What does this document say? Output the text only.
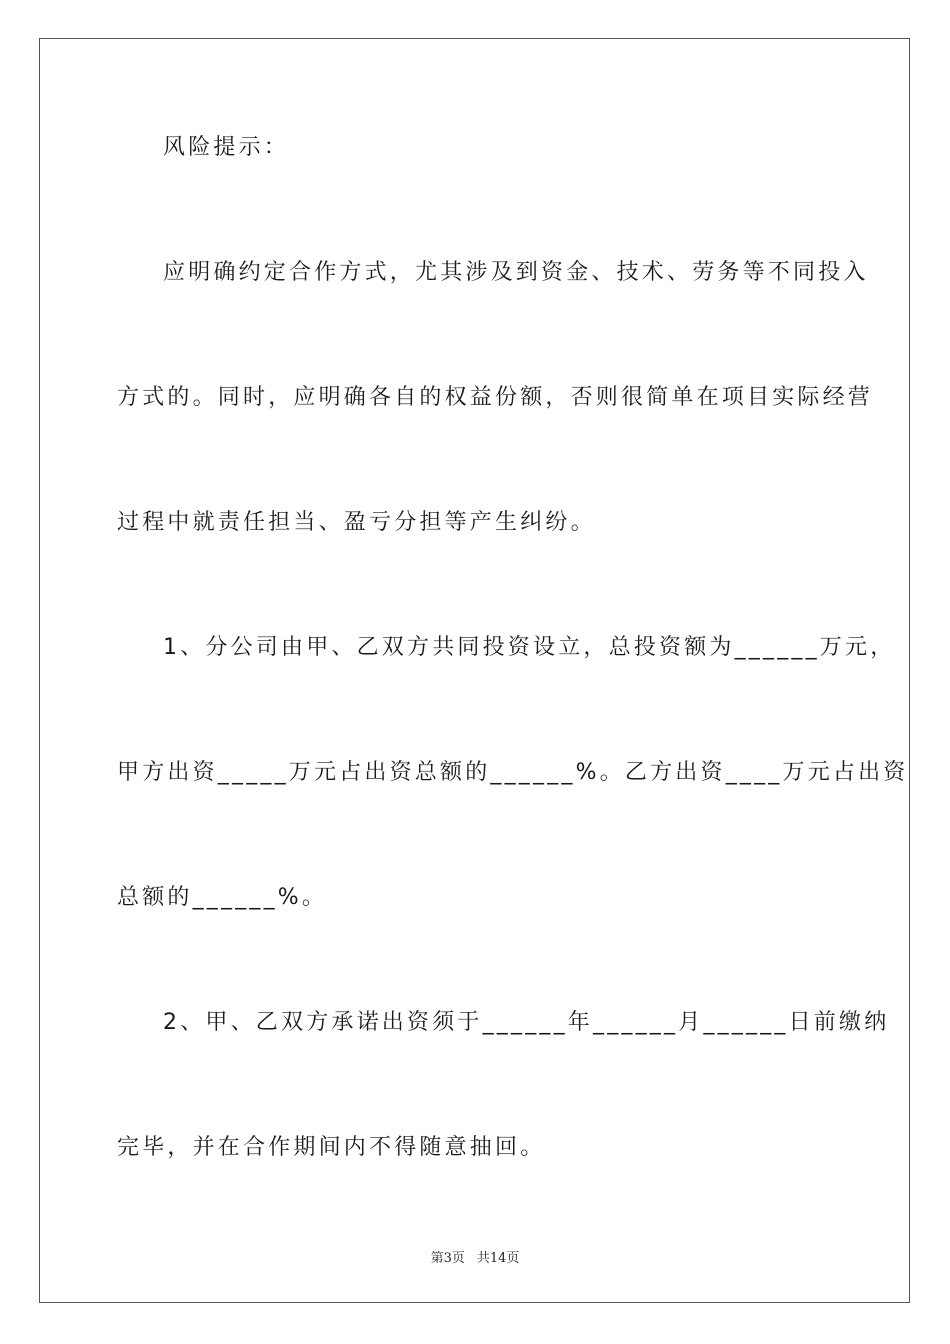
风险提示：
应明确约定合作方式，尤其涉及到资金、技术、劳务等不同投入
方式的。同时，应明确各自的权益份额，否则很简单在项目实际经营
过程中就责任担当、盈亏分担等产生纠纷。
1、分公司由甲、乙双方共同投资设立，总投资额为______万元，
甲方出资_____万元占出资总额的______%。乙方出资____万元占出资
总额的______%。
2、甲、乙双方承诺出资须于______年______月______日前缴纳
完毕，并在合作期间内不得随意抽回。
第3页 共14页
